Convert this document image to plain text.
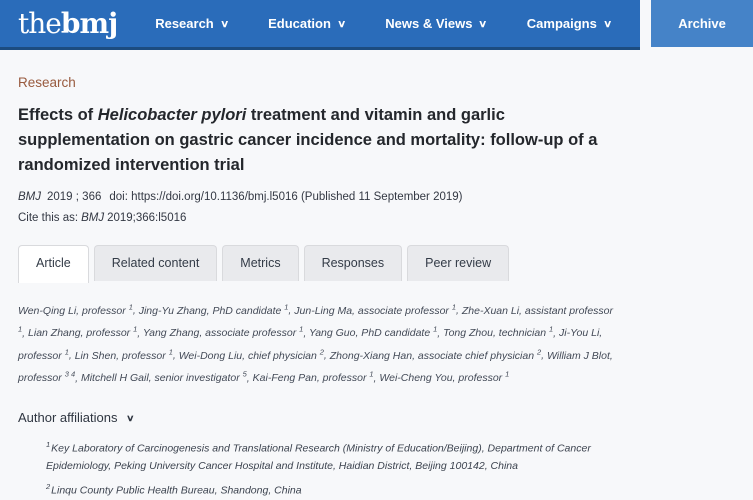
thebmj	Research ∨	Education ∨	News & Views ∨	Campaigns ∨	Archive
Research
Effects of Helicobacter pylori treatment and vitamin and garlic supplementation on gastric cancer incidence and mortality: follow-up of a randomized intervention trial
BMJ 2019 ; 366 doi: https://doi.org/10.1136/bmj.l5016 (Published 11 September 2019)
Cite this as: BMJ 2019;366:l5016
Article	Related content	Metrics	Responses	Peer review

Wen-Qing Li, professor $^1$, Jing-Yu Zhang, PhD candidate $^1$, Jun-Ling Ma, associate professor $^1$, Zhe-Xuan Li, assistant professor $^1$, Lian Zhang, professor $^1$, Yang Zhang, associate professor $^1$, Yang Guo, PhD candidate $^1$, Tong Zhou, technician $^1$, Ji-You Li, professor $^1$, Lin Shen, professor $^1$, Wei-Dong Liu, chief physician $^2$, Zhong-Xiang Han, associate chief physician $^2$, William J Blot, professor $^{3 4}$, Mitchell H Gail, senior investigator $^5$, Kai-Feng Pan, professor $^1$, Wei-Cheng You, professor $^1$

Author affiliations ∨
$^1$Key Laboratory of Carcinogenesis and Translational Research (Ministry of Education/Beijing), Department of Cancer Epidemiology, Peking University Cancer Hospital and Institute, Haidian District, Beijing 100142, China
$^2$Linqu County Public Health Bureau, Shandong, China
